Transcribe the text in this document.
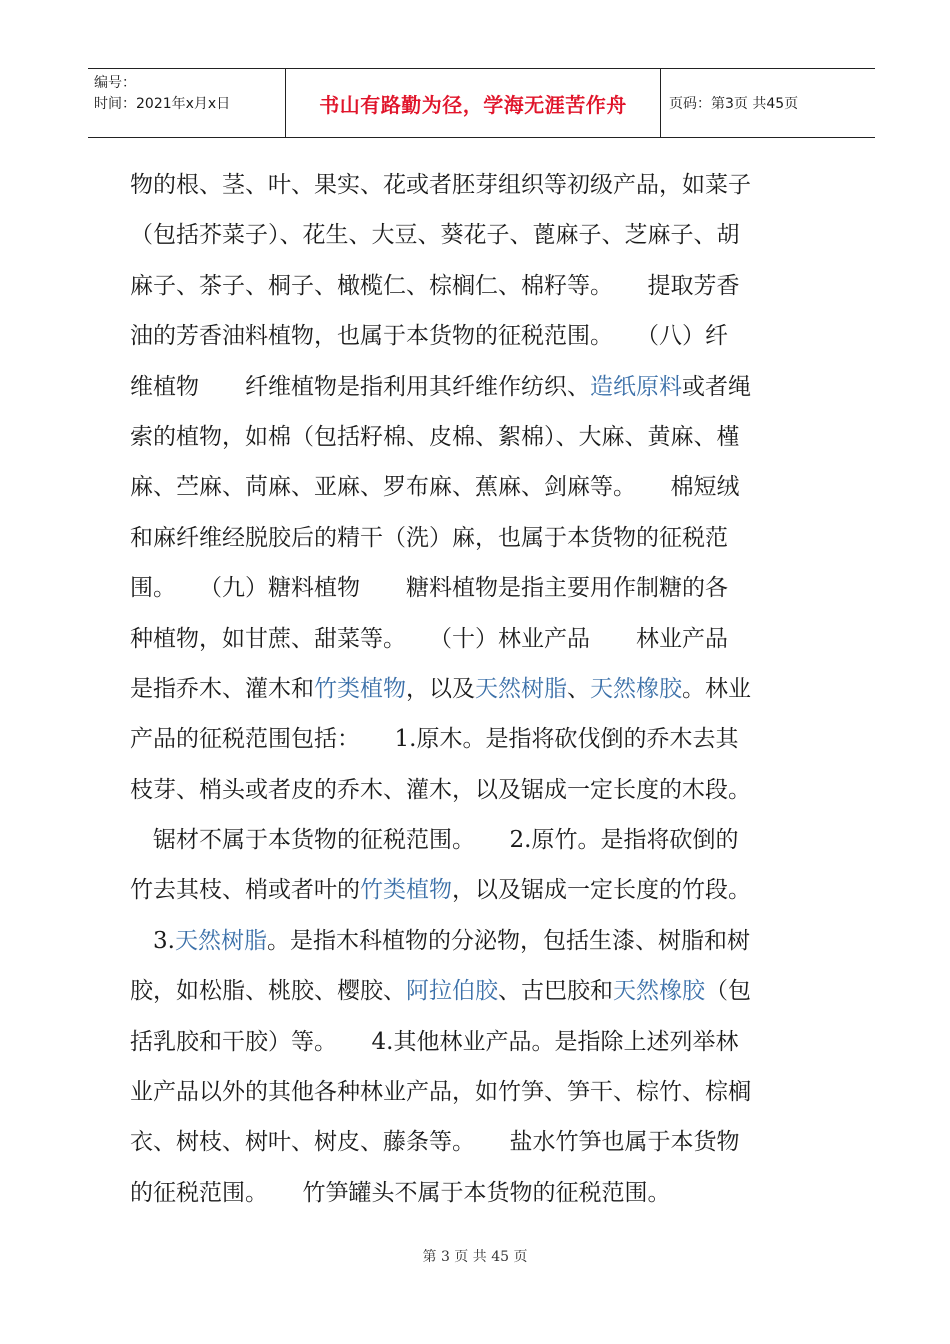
编号：
时间：2021年x月x日	书山有路勤为径，学海无涯苦作舟	页码：第3页 共45页
物的根、茎、叶、果实、花或者胚芽组织等初级产品，如菜子
（包括芥菜子）、花生、大豆、葵花子、蓖麻子、芝麻子、胡
麻子、茶子、桐子、橄榄仁、棕榈仁、棉籽等。　　提取芳香
油的芳香油料植物，也属于本货物的征税范围。　　（八）纤
维植物　　纤维植物是指利用其纤维作纺织、造纸原料或者绳
索的植物，如棉（包括籽棉、皮棉、絮棉）、大麻、黄麻、槿
麻、苎麻、苘麻、亚麻、罗布麻、蕉麻、剑麻等。　　棉短绒
和麻纤维经脱胶后的精干（洗）麻，也属于本货物的征税范
围。　　（九）糖料植物　　糖料植物是指主要用作制糖的各
种植物，如甘蔗、甜菜等。　　（十）林业产品　　林业产品
是指乔木、灌木和竹类植物，以及天然树脂、天然橡胶。林业
产品的征税范围包括：　　1.原木。是指将砍伐倒的乔木去其
枝芽、梢头或者皮的乔木、灌木，以及锯成一定长度的木段。
　锯材不属于本货物的征税范围。　　2.原竹。是指将砍倒的
竹去其枝、梢或者叶的竹类植物，以及锯成一定长度的竹段。
　3.天然树脂。是指木科植物的分泌物，包括生漆、树脂和树
胶，如松脂、桃胶、樱胶、阿拉伯胶、古巴胶和天然橡胶（包
括乳胶和干胶）等。　　4.其他林业产品。是指除上述列举林
业产品以外的其他各种林业产品，如竹笋、笋干、棕竹、棕榈
衣、树枝、树叶、树皮、藤条等。　　盐水竹笋也属于本货物
的征税范围。　　竹笋罐头不属于本货物的征税范围。
第 3 页 共 45 页
